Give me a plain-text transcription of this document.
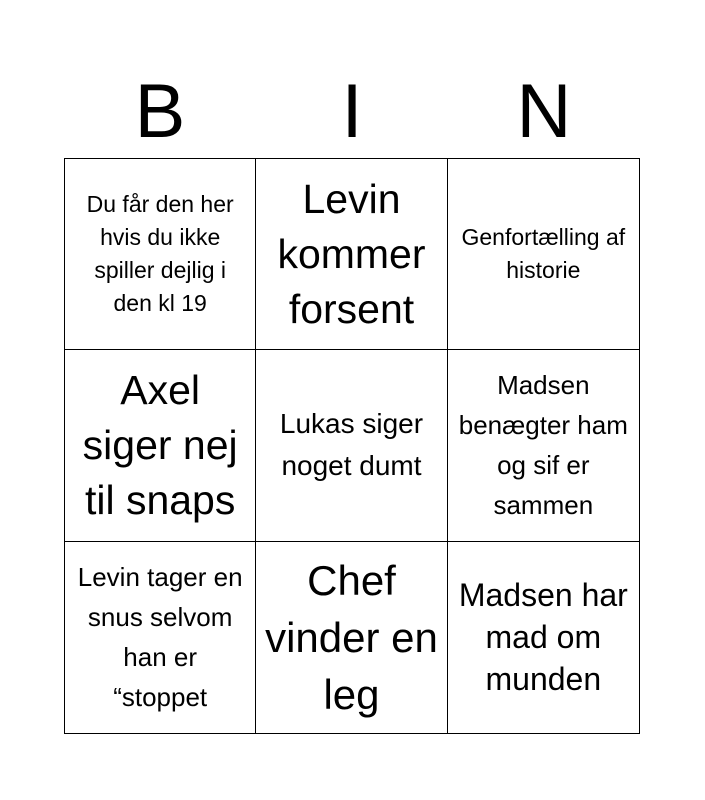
B	I	N
Du får den her hvis du ikke spiller dejlig i den kl 19
Levin kommer forsent
Genfortælling af historie
Axel siger nej til snaps
Lukas siger noget dumt
Madsen benægter ham og sif er sammen
Levin tager en snus selvom han er “stoppet
Chef vinder en leg
Madsen har mad om munden
